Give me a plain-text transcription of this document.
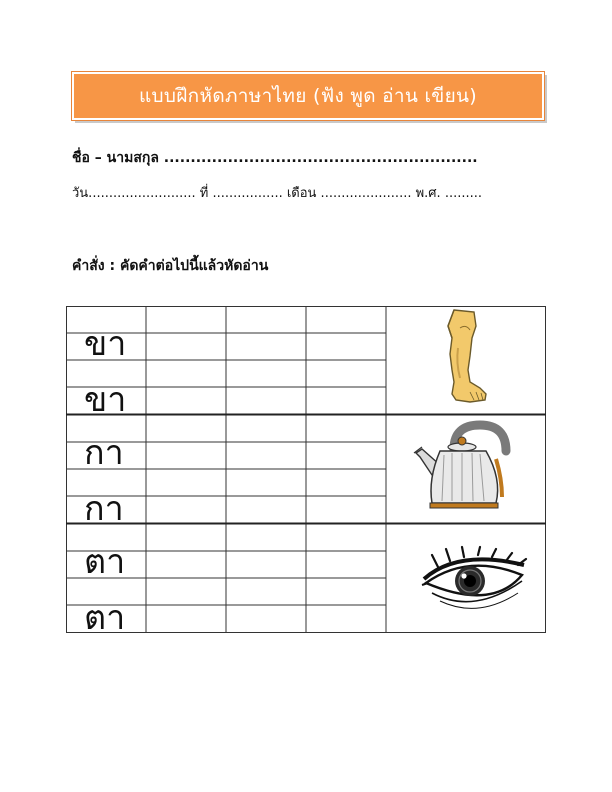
แบบฝึกหัดภาษาไทย (ฟัง พูด อ่าน เขียน)
ชื่อ – นามสกุล ...........................................................
วัน.......................... ที่ ................. เดือน ...................... พ.ศ. .........
คำสั่ง : คัดคำต่อไปนี้แล้วหัดอ่าน
ขา
ขา
กา
กา
ตา
ตา
